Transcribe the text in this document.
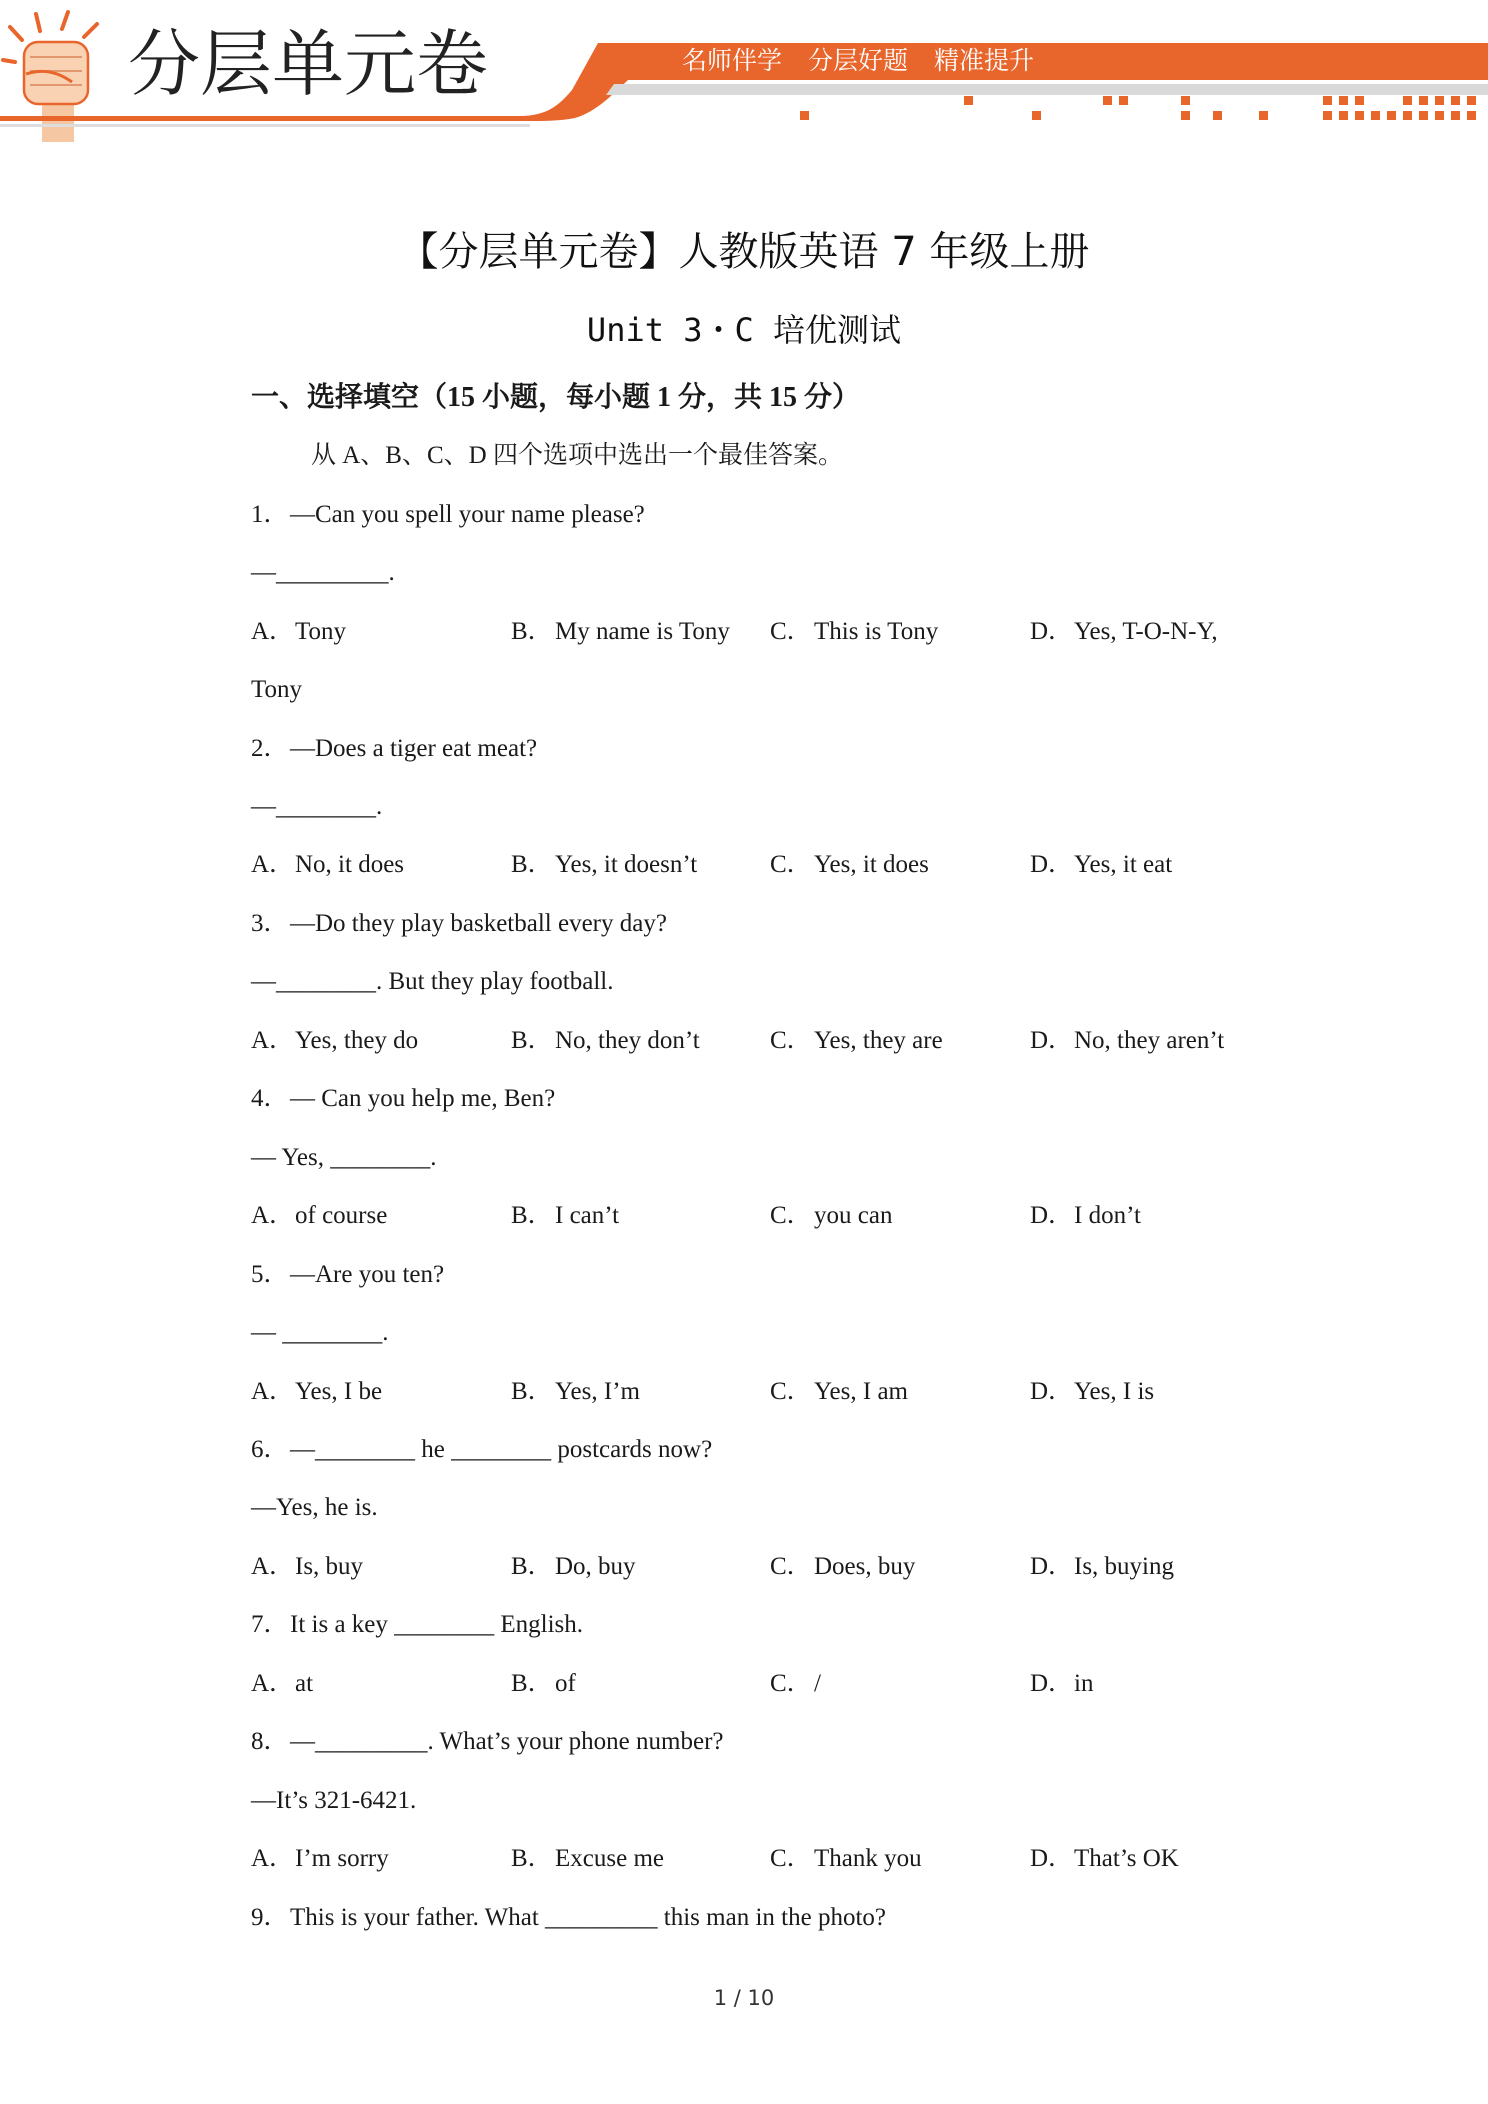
分层单元卷	名师伴学 分层好题 精准提升
【分层单元卷】人教版英语 7 年级上册
Unit 3・C 培优测试
一、选择填空（15 小题，每小题 1 分，共 15 分）
从 A、B、C、D 四个选项中选出一个最佳答案。
1．—Can you spell your name please?
—_________.
A．Tony	B．My name is Tony C．This is Tony	D．Yes, T-O-N-Y,
Tony
2．—Does a tiger eat meat?
—________.
A．No, it does	B．Yes, it doesn’t	C．Yes, it does	D．Yes, it eat
3．—Do they play basketball every day?
—________. But they play football.
A．Yes, they do	B．No, they don’t	C．Yes, they are	D．No, they aren’t
4．— Can you help me, Ben?
— Yes, ________.
A．of course	B．I can’t	C．you can	D．I don’t
5．—Are you ten?
— ________.
A．Yes, I be	B．Yes, I’m	C．Yes, I am	D．Yes, I is
6．—________ he ________ postcards now?
—Yes, he is.
A．Is, buy	B．Do, buy	C．Does, buy	D．Is, buying
7．It is a key ________ English.
A．at	B．of	C．/	D．in
8．—_________. What’s your phone number?
—It’s 321-6421.
A．I’m sorry	B．Excuse me	C．Thank you	D．That’s OK
9．This is your father. What _________ this man in the photo?
1 / 10
